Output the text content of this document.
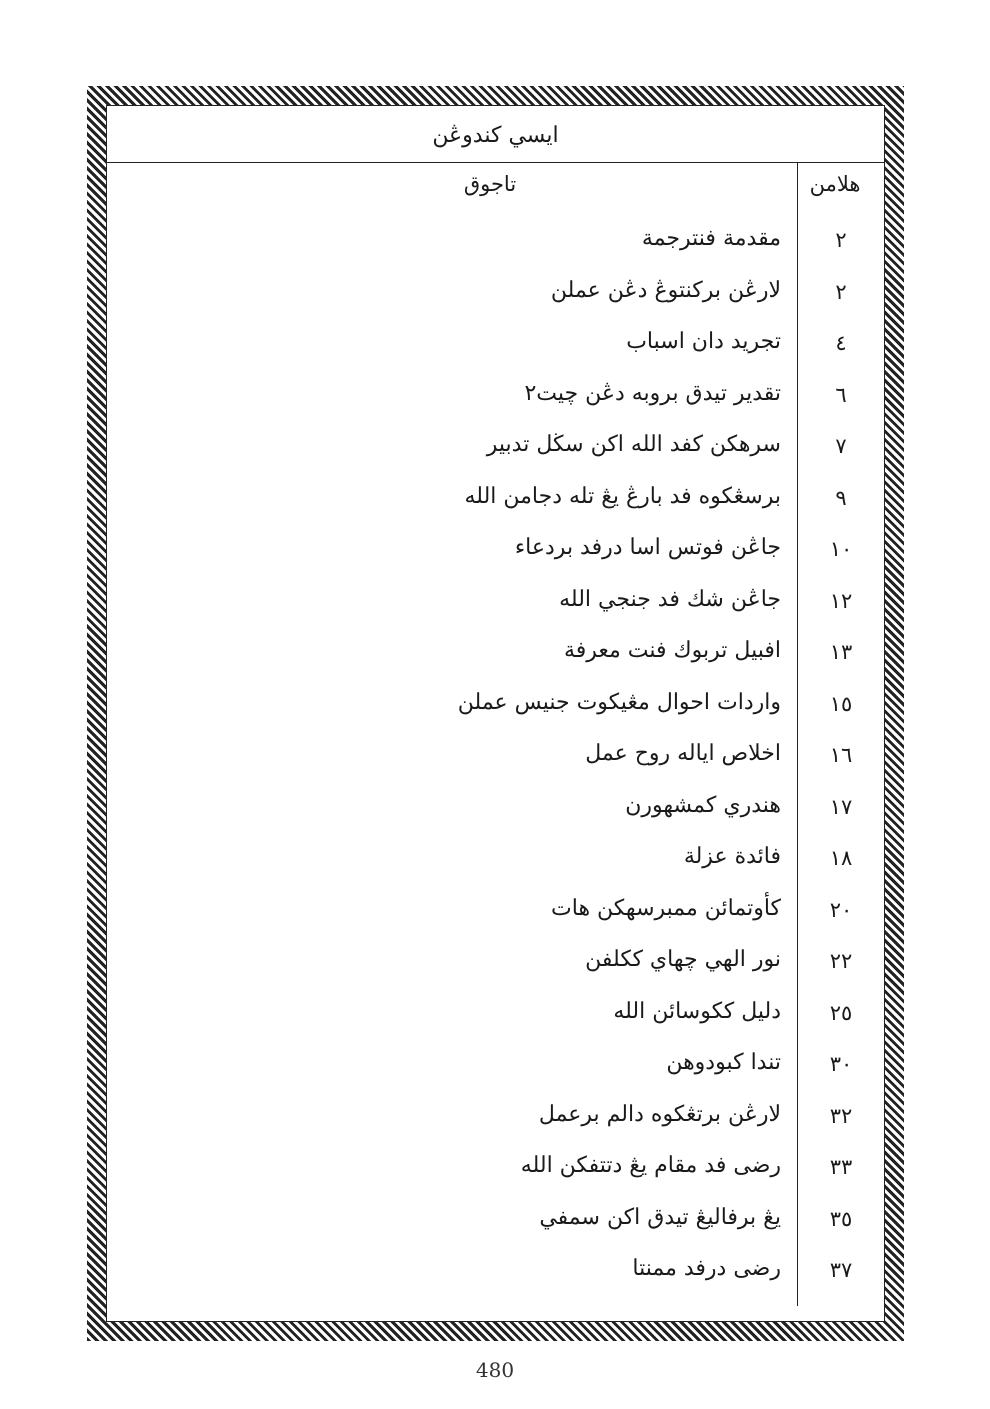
ايسي كندوڠن
هلامن
تاجوق
٢
مقدمة فنترجمة
٢
لارڠن بركنتوڠ دڠن عملن
٤
تجريد دان اسباب
٦
تقدير تيدق بروبه دڠن چيت٢
٧
سرهكن كفد الله اكن سڬل تدبير
٩
برسڠكوه فد بارڠ يڠ تله دجامن الله
١٠
جاڠن فوتس اسا درفد بردعاء
١٢
جاڠن شك فد جنجي الله
١٣
افبيل تربوك فنت معرفة
١٥
واردات احوال مڠيكوت جنيس عملن
١٦
اخلاص اياله روح عمل
١٧
هندري كمشهورن
١٨
فائدة عزلة
٢٠
كأوتمائن ممبرسهكن هات
٢٢
نور الهي چهاي ككلفن
٢٥
دليل ككوسائن الله
٣٠
تندا كبودوهن
٣٢
لارڠن برتڠكوه دالم برعمل
٣٣
رضى فد مقام يڠ دتتفكن الله
٣٥
يڠ برفاليڠ تيدق اكن سمفي
٣٧
رضى درفد ممنتا
480
